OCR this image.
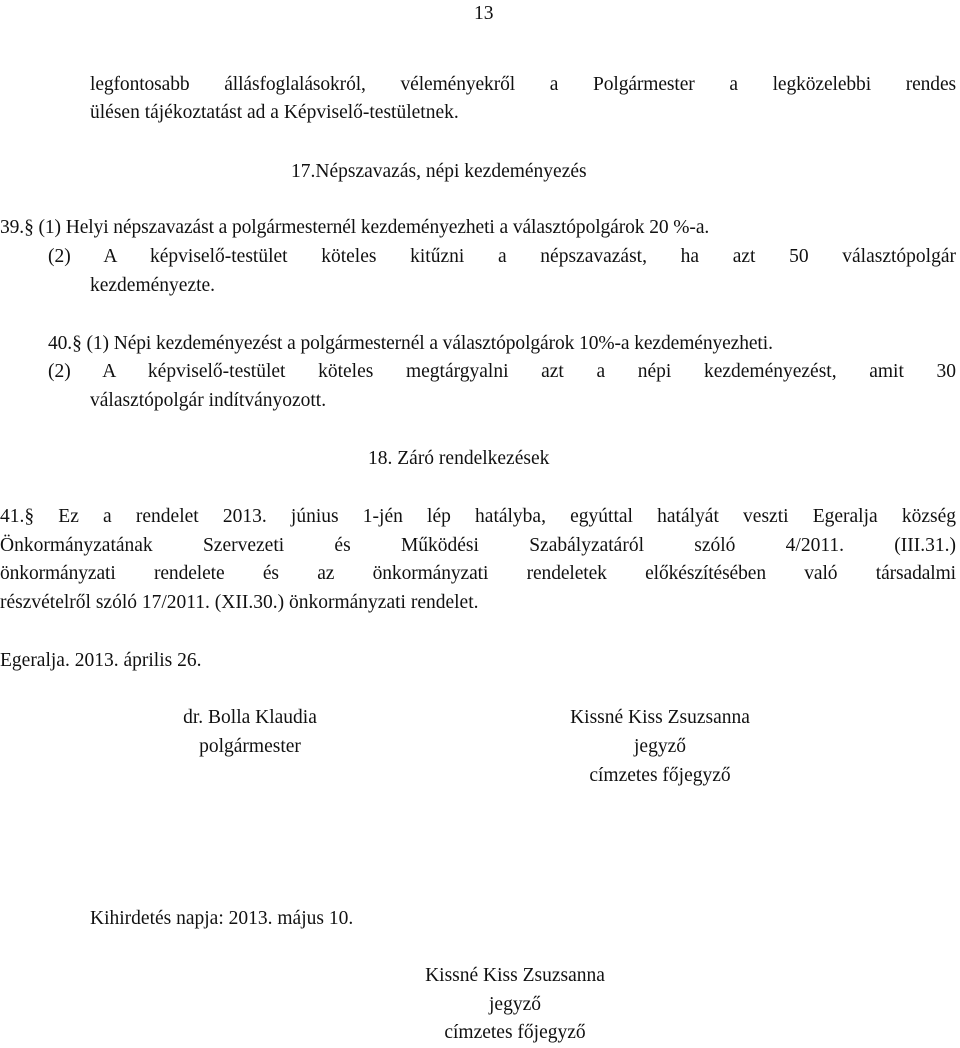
13
legfontosabb állásfoglalásokról, véleményekről a Polgármester a legközelebbi rendes
ülésen tájékoztatást ad a Képviselő-testületnek.
17.Népszavazás, népi kezdeményezés
39.§ (1) Helyi népszavazást a polgármesternél kezdeményezheti a választópolgárok 20 %-a.
(2) A képviselő-testület köteles kitűzni a népszavazást, ha azt 50 választópolgár
kezdeményezte.
40.§ (1) Népi kezdeményezést a polgármesternél a választópolgárok 10%-a kezdeményezheti.
(2) A képviselő-testület köteles megtárgyalni azt a népi kezdeményezést, amit 30
választópolgár indítványozott.
18. Záró rendelkezések
41.§ Ez a rendelet 2013. június 1-jén lép hatályba, egyúttal hatályát veszti Egeralja község
Önkormányzatának Szervezeti és Működési Szabályzatáról szóló 4/2011. (III.31.)
önkormányzati rendelete és az önkormányzati rendeletek előkészítésében való társadalmi
részvételről szóló 17/2011. (XII.30.) önkormányzati rendelet.
Egeralja. 2013. április 26.
dr. Bolla Klaudia
polgármester
Kissné Kiss Zsuzsanna
jegyző
címzetes főjegyző
Kihirdetés napja: 2013. május 10.
Kissné Kiss Zsuzsanna
jegyző
címzetes főjegyző
